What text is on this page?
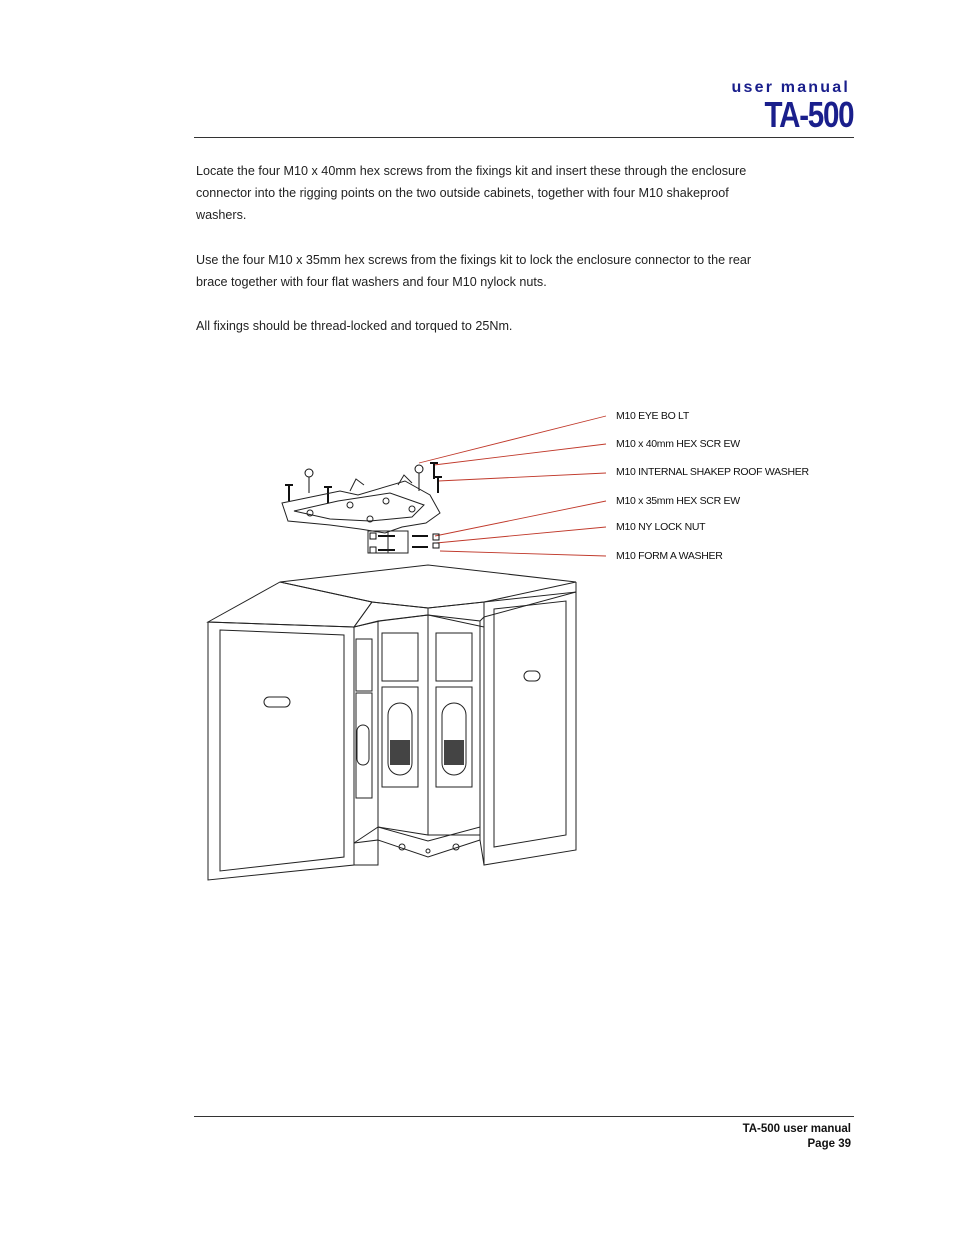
user manual
TA-500

Locate the four M10 x 40mm hex screws from the fixings kit and insert these through the enclosure connector into the rigging points on the two outside cabinets, together with four M10 shakeproof washers.

Use the four M10 x 35mm hex screws from the fixings kit to lock the enclosure connector to the rear brace together with four flat washers and four M10 nylock nuts.

All fixings should be thread-locked and torqued to 25Nm.

M10 EYE BO LT
M10 x 40mm HEX SCR EW
M10 INTERNAL SHAKEP ROOF WASHER
M10 x 35mm HEX SCR EW
M10 NY LOCK NUT
M10 FORM A WASHER
TA-500 user manual
Page 39
